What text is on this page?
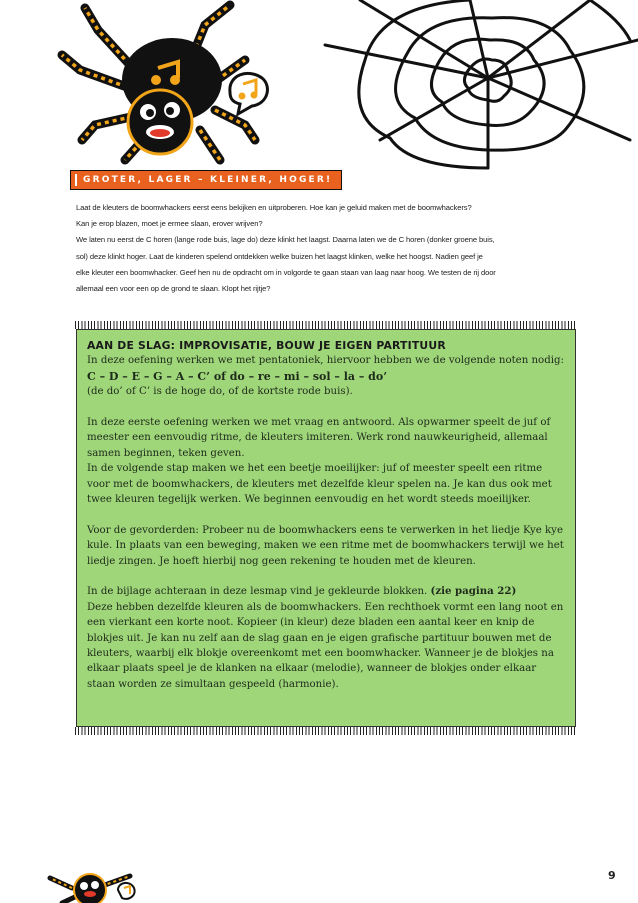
GROTER, LAGER – KLEINER, HOGER!

Laat de kleuters de boomwhackers eerst eens bekijken en uitproberen. Hoe kan je geluid maken met de boomwhackers?

Kan je erop blazen, moet je ermee slaan, erover wrijven?

We laten nu eerst de C horen (lange rode buis, lage do) deze klinkt het laagst. Daarna laten we de C horen (donker groene buis,

sol) deze klinkt hoger. Laat de kinderen spelend ontdekken welke buizen het laagst klinken, welke het hoogst. Nadien geef je

elke kleuter een boomwhacker. Geef hen nu de opdracht om in volgorde te gaan staan van laag naar hoog. We testen de rij door

allemaal een voor een op de grond te slaan. Klopt het rijtje?

AAN DE SLAG: IMPROVISATIE, BOUW JE EIGEN PARTITUUR

In deze oefening werken we met pentatoniek, hiervoor hebben we de volgende noten nodig:

C – D – E – G – A – C’ of do – re – mi – sol – la – do’

(de do’ of C’ is de hoge do, of de kortste rode buis).

In deze eerste oefening werken we met vraag en antwoord. Als opwarmer speelt de juf of meester een eenvoudig ritme, de kleuters imiteren. Werk rond nauwkeurigheid, allemaal samen beginnen, teken geven.

In de volgende stap maken we het een beetje moeilijker: juf of meester speelt een ritme voor met de boomwhackers, de kleuters met dezelfde kleur spelen na. Je kan dus ook met twee kleuren tegelijk werken. We beginnen eenvoudig en het wordt steeds moeilijker.

Voor de gevorderden: Probeer nu de boomwhackers eens te verwerken in het liedje Kye kye kule. In plaats van een beweging, maken we een ritme met de boomwhackers terwijl we het liedje zingen. Je hoeft hierbij nog geen rekening te houden met de kleuren.

In de bijlage achteraan in deze lesmap vind je gekleurde blokken. (zie pagina 22)

Deze hebben dezelfde kleuren als de boomwhackers. Een rechthoek vormt een lang noot en een vierkant een korte noot. Kopieer (in kleur) deze bladen een aantal keer en knip de blokjes uit. Je kan nu zelf aan de slag gaan en je eigen grafische partituur bouwen met de kleuters, waarbij elk blokje overeenkomt met een boomwhacker. Wanneer je de blokjes na elkaar plaats speel je de klanken na elkaar (melodie), wanneer de blokjes onder elkaar staan worden ze simultaan gespeeld (harmonie).

9
